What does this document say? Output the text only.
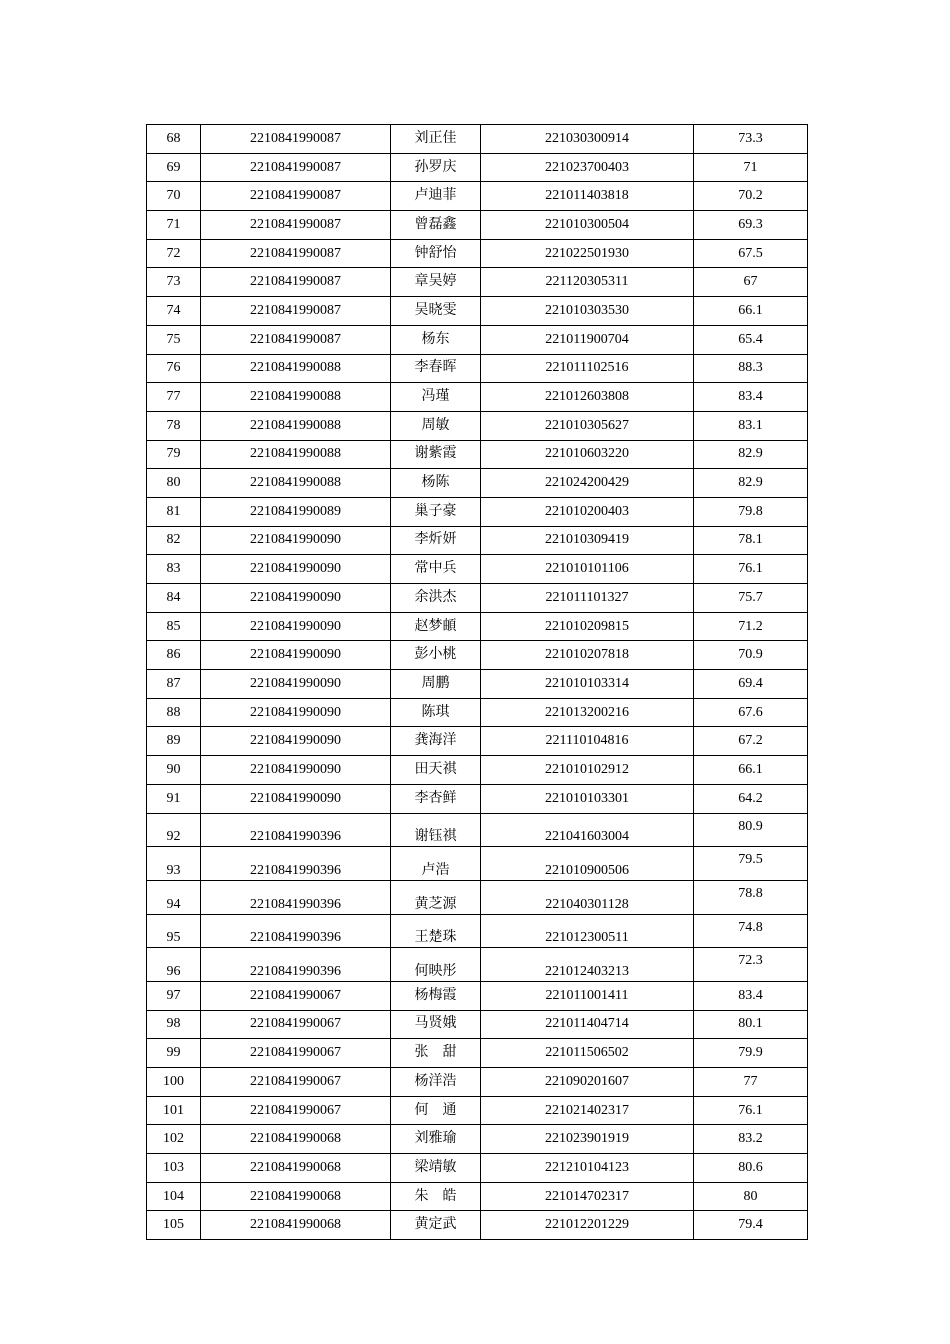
68	2210841990087	刘正佳	221030300914	73.3
69	2210841990087	孙罗庆	221023700403	71
70	2210841990087	卢迪菲	221011403818	70.2
71	2210841990087	曾磊鑫	221010300504	69.3
72	2210841990087	钟舒怡	221022501930	67.5
73	2210841990087	章吴婷	221120305311	67
74	2210841990087	吴晓雯	221010303530	66.1
75	2210841990087	杨东	221011900704	65.4
76	2210841990088	李春晖	221011102516	88.3
77	2210841990088	冯瑾	221012603808	83.4
78	2210841990088	周敏	221010305627	83.1
79	2210841990088	谢紫霞	221010603220	82.9
80	2210841990088	杨陈	221024200429	82.9
81	2210841990089	巢子豪	221010200403	79.8
82	2210841990090	李炘妍	221010309419	78.1
83	2210841990090	常中兵	221010101106	76.1
84	2210841990090	余洪杰	221011101327	75.7
85	2210841990090	赵梦頔	221010209815	71.2
86	2210841990090	彭小桃	221010207818	70.9
87	2210841990090	周鹏	221010103314	69.4
88	2210841990090	陈琪	221013200216	67.6
89	2210841990090	龚海洋	221110104816	67.2
90	2210841990090	田天祺	221010102912	66.1
91	2210841990090	李杏鲜	221010103301	64.2
92	2210841990396	谢钰祺	221041603004	80.9
93	2210841990396	卢浩	221010900506	79.5
94	2210841990396	黄芝源	221040301128	78.8
95	2210841990396	王楚珠	221012300511	74.8
96	2210841990396	何映彤	221012403213	72.3
97	2210841990067	杨梅霞	221011001411	83.4
98	2210841990067	马贤娥	221011404714	80.1
99	2210841990067	张　甜	221011506502	79.9
100	2210841990067	杨洋浩	221090201607	77
101	2210841990067	何　通	221021402317	76.1
102	2210841990068	刘雅瑜	221023901919	83.2
103	2210841990068	梁靖敏	221210104123	80.6
104	2210841990068	朱　皓	221014702317	80
105	2210841990068	黄定武	221012201229	79.4
